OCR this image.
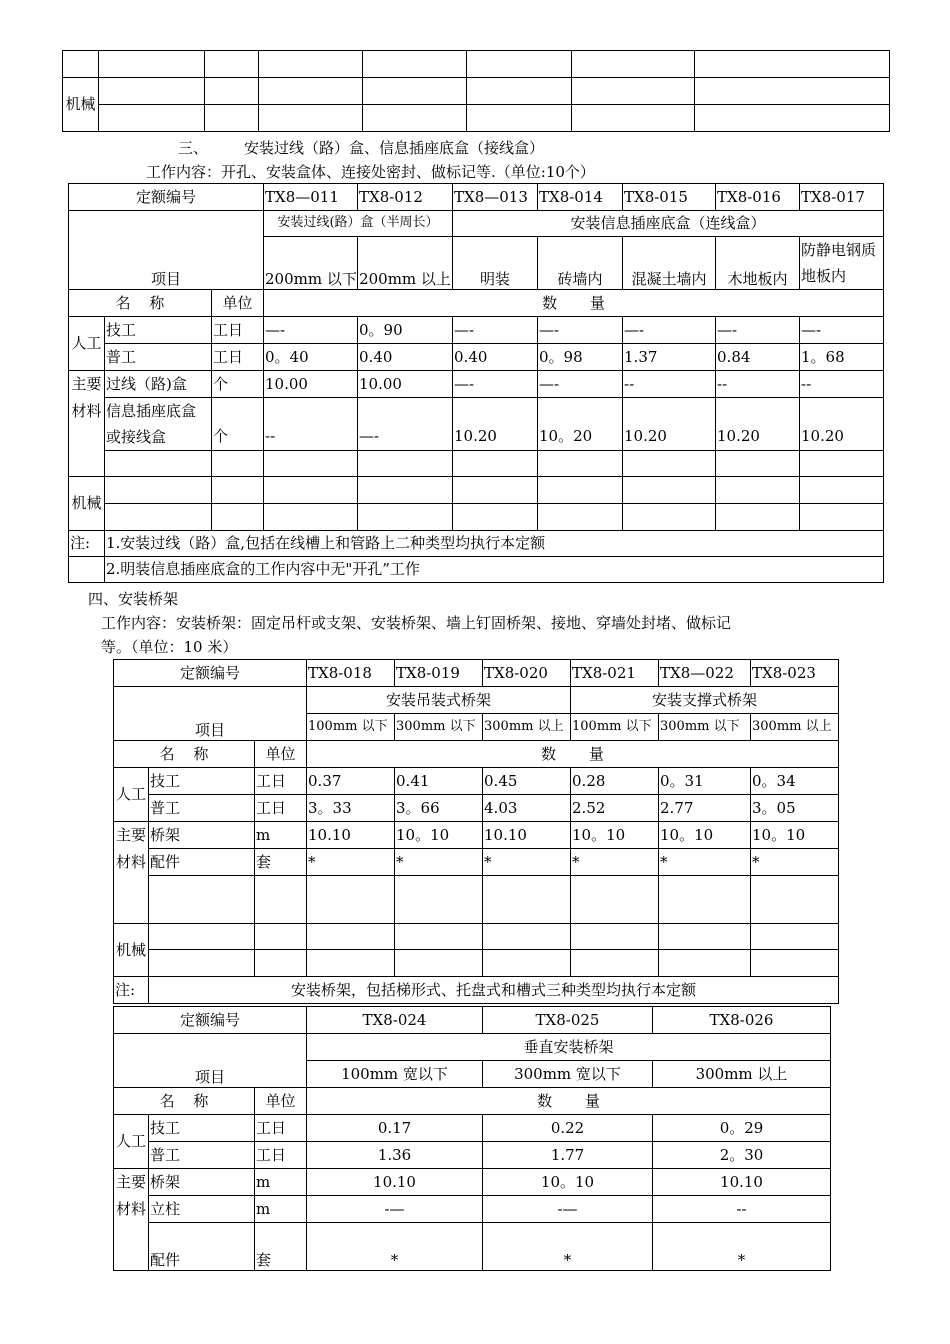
机械							

三、 安装过线（路）盒、信息插座底盒（接线盒）
工作内容：开孔、安装盒体、连接处密封、做标记等.（单位:10个）
定额编号			TX8—011	TX8-012	TX8—013	TX8-014	TX8-015	TX8-016	TX8-017
项目			安装过线(路）盒（半周长）		安装信息插座底盒（连线盒）				
			200mm 以下	200mm 以上	明装	砖墙内	混凝土墙内	木地板内	防静电钢质地板内
名 称		单位	数 量						
人工	技工	工日	—-	0。90	—-	—-	—-	—-	—-
	普工	工日	0。40	0.40	0.40	0。98	1.37	0.84	1。68
主要材料	过线（路)盒	个	10.00	10.00	—-	—-	--	--	--
	信息插座底盒或接线盒	个	--	—-	10.20	10。20	10.20	10.20	10.20

机械									

注:	1.安装过线（路）盒,包括在线槽上和管路上二种类型均执行本定额								
	2.明装信息插座底盒的工作内容中无"开孔”工作								
四、安装桥架
工作内容：安装桥架：固定吊杆或支架、安装桥架、墙上钉固桥架、接地、穿墙处封堵、做标记
等。（单位：10 米）
定额编号			TX8-018	TX8-019	TX8-020	TX8-021	TX8—022	TX8-023
项目			安装吊装式桥架			安装支撑式桥架		
			100mm 以下	300mm 以下	300mm 以上	100mm 以下	300mm 以下	300mm 以上
名 称		单位	数 量					
人工	技工	工日	0.37	0.41	0.45	0.28	0。31	0。34
	普工	工日	3。33	3。66	4.03	2.52	2.77	3。05
主要材料	桥架	m	10.10	10。10	10.10	10。10	10。10	10。10
	配件	套	*	*	*	*	*	*

机械								

注:	安装桥架，包括梯形式、托盘式和槽式三种类型均执行本定额							
定额编号			TX8-024	TX8-025	TX8-026
项目			垂直安装桥架		
			100mm 宽以下	300mm 宽以下	300mm 以上
名 称		单位	数 量		
人工	技工	工日	0.17	0.22	0。29
	普工	工日	1.36	1.77	2。30
主要材料	桥架	m	10.10	10。10	10.10
	立柱	m	-—	-—	--
	配件	套	*	*	*
